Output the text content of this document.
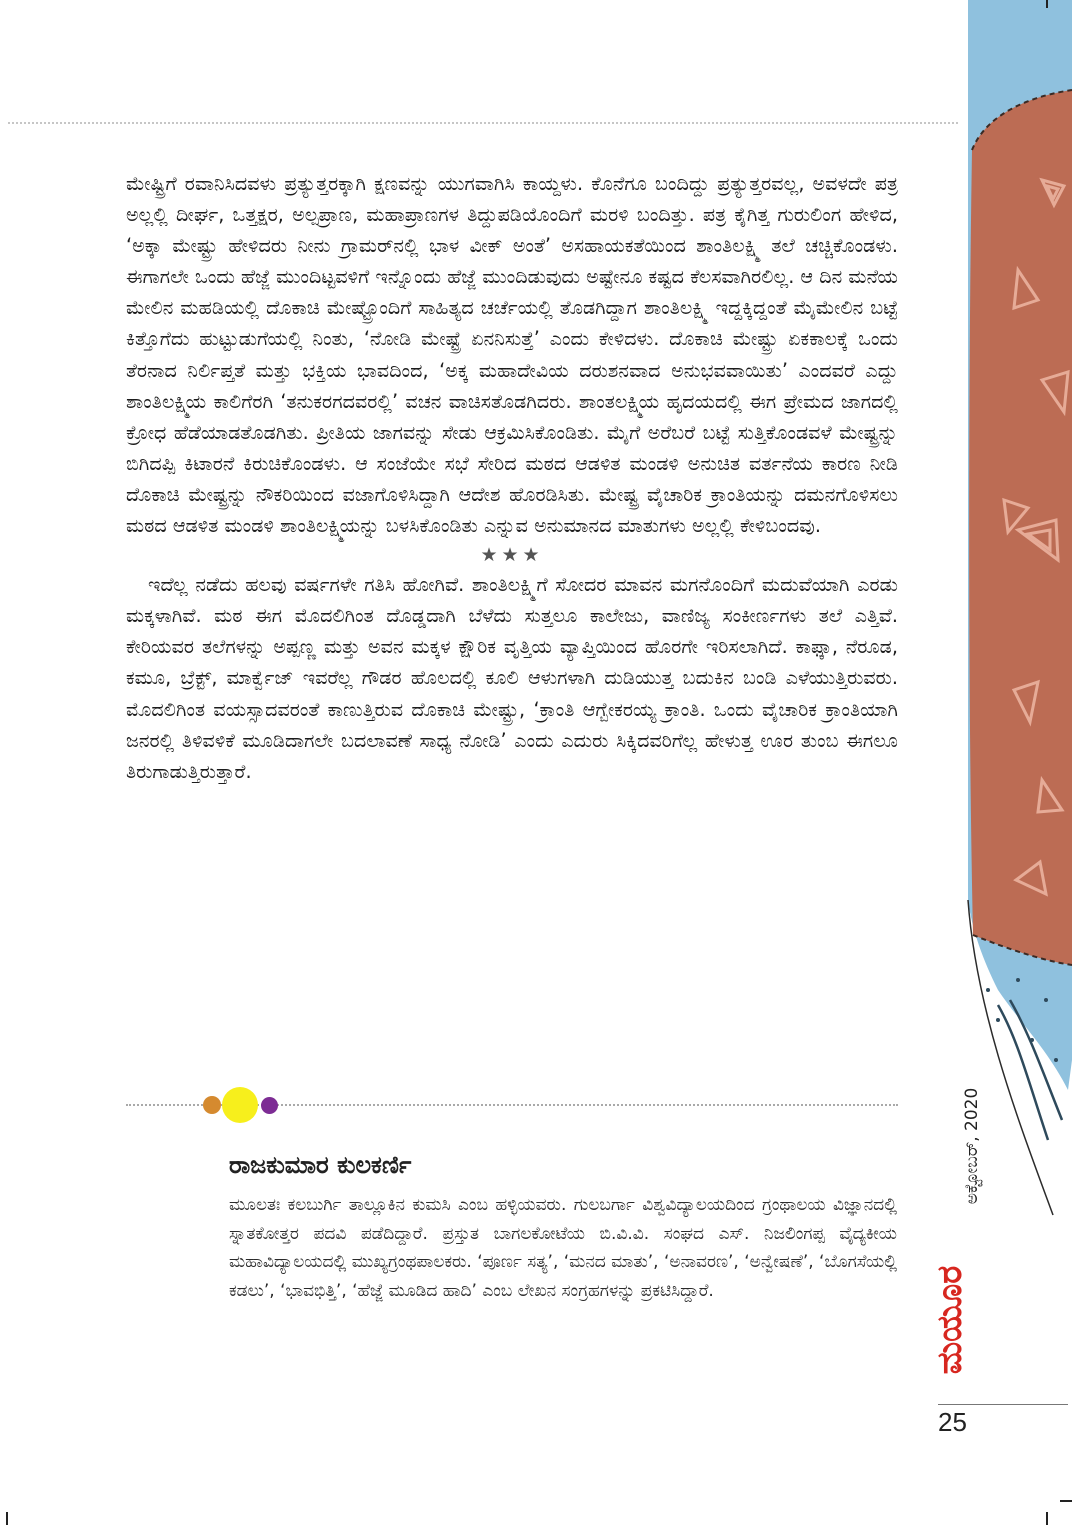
ಮೇಷ್ಟ್ರಿಗೆ ರವಾನಿಸಿದವಳು ಪ್ರತ್ಯುತ್ತರಕ್ಕಾಗಿ ಕ್ಷಣವನ್ನು ಯುಗವಾಗಿಸಿ ಕಾಯ್ದಳು. ಕೊನೆಗೂ ಬಂದಿದ್ದು ಪ್ರತ್ಯುತ್ತರವಲ್ಲ, ಅವಳದೇ ಪತ್ರ ಅಲ್ಲಲ್ಲಿ ದೀರ್ಘ, ಒತ್ತಕ್ಷರ, ಅಲ್ಪಪ್ರಾಣ, ಮಹಾಪ್ರಾಣಗಳ ತಿದ್ದುಪಡಿಯೊಂದಿಗೆ ಮರಳಿ ಬಂದಿತ್ತು. ಪತ್ರ ಕೈಗಿತ್ತ ಗುರುಲಿಂಗ ಹೇಳಿದ, ‘ಅಕ್ಕಾ ಮೇಷ್ಟ್ರು ಹೇಳಿದರು ನೀನು ಗ್ರಾಮರ್‌ನಲ್ಲಿ ಭಾಳ ವೀಕ್ ಅಂತೆ’ ಅಸಹಾಯಕತೆಯಿಂದ ಶಾಂತಿಲಕ್ಷ್ಮಿ ತಲೆ ಚಚ್ಚಿಕೊಂಡಳು. ಈಗಾಗಲೇ ಒಂದು ಹೆಜ್ಜೆ ಮುಂದಿಟ್ಟವಳಿಗೆ ಇನ್ನೊಂದು ಹೆಜ್ಜೆ ಮುಂದಿಡುವುದು ಅಷ್ಟೇನೂ ಕಷ್ಟದ ಕೆಲಸವಾಗಿರಲಿಲ್ಲ. ಆ ದಿನ ಮನೆಯ ಮೇಲಿನ ಮಹಡಿಯಲ್ಲಿ ದೊಕಾಚಿ ಮೇಷ್ಟ್ರೊಂದಿಗೆ ಸಾಹಿತ್ಯದ ಚರ್ಚೆಯಲ್ಲಿ ತೊಡಗಿದ್ದಾಗ ಶಾಂತಿಲಕ್ಷ್ಮಿ ಇದ್ದಕ್ಕಿದ್ದಂತೆ ಮೈಮೇಲಿನ ಬಟ್ಟೆ ಕಿತ್ತೊಗೆದು ಹುಟ್ಟುಡುಗೆಯಲ್ಲಿ ನಿಂತು, ‘ನೋಡಿ ಮೇಷ್ಟ್ರೆ ಏನನಿಸುತ್ತೆ’ ಎಂದು ಕೇಳಿದಳು. ದೊಕಾಚಿ ಮೇಷ್ಟ್ರು ಏಕಕಾಲಕ್ಕೆ ಒಂದು ತೆರನಾದ ನಿರ್ಲಿಪ್ತತೆ ಮತ್ತು ಭಕ್ತಿಯ ಭಾವದಿಂದ, ‘ಅಕ್ಕ ಮಹಾದೇವಿಯ ದರುಶನವಾದ ಅನುಭವವಾಯಿತು’ ಎಂದವರೆ ಎದ್ದು ಶಾಂತಿಲಕ್ಷ್ಮಿಯ ಕಾಲಿಗೆರಗಿ ‘ತನುಕರಗದವರಲ್ಲಿ’ ವಚನ ವಾಚಿಸತೊಡಗಿದರು. ಶಾಂತಲಕ್ಷ್ಮಿಯ ಹೃದಯದಲ್ಲಿ ಈಗ ಪ್ರೇಮದ ಜಾಗದಲ್ಲಿ ಕ್ರೋಧ ಹೆಡೆಯಾಡತೊಡಗಿತು. ಪ್ರೀತಿಯ ಜಾಗವನ್ನು ಸೇಡು ಆಕ್ರಮಿಸಿಕೊಂಡಿತು. ಮೈಗೆ ಅರೆಬರೆ ಬಟ್ಟೆ ಸುತ್ತಿಕೊಂಡವಳೆ ಮೇಷ್ಟ್ರನ್ನು ಬಿಗಿದಪ್ಪಿ ಕಿಟಾರನೆ ಕಿರುಚಿಕೊಂಡಳು. ಆ ಸಂಜೆಯೇ ಸಭೆ ಸೇರಿದ ಮಠದ ಆಡಳಿತ ಮಂಡಳಿ ಅನುಚಿತ ವರ್ತನೆಯ ಕಾರಣ ನೀಡಿ ದೊಕಾಚಿ ಮೇಷ್ಟ್ರನ್ನು ನೌಕರಿಯಿಂದ ವಜಾಗೊಳಿಸಿದ್ದಾಗಿ ಆದೇಶ ಹೊರಡಿಸಿತು. ಮೇಷ್ಟ್ರ ವೈಚಾರಿಕ ಕ್ರಾಂತಿಯನ್ನು ದಮನಗೊಳಿಸಲು ಮಠದ ಆಡಳಿತ ಮಂಡಳಿ ಶಾಂತಿಲಕ್ಷ್ಮಿಯನ್ನು ಬಳಸಿಕೊಂಡಿತು ಎನ್ನುವ ಅನುಮಾನದ ಮಾತುಗಳು ಅಲ್ಲಲ್ಲಿ ಕೇಳಿಬಂದವು.

★★★

ಇದೆಲ್ಲ ನಡೆದು ಹಲವು ವರ್ಷಗಳೇ ಗತಿಸಿ ಹೋಗಿವೆ. ಶಾಂತಿಲಕ್ಷ್ಮಿಗೆ ಸೋದರ ಮಾವನ ಮಗನೊಂದಿಗೆ ಮದುವೆಯಾಗಿ ಎರಡು ಮಕ್ಕಳಾಗಿವೆ. ಮಠ ಈಗ ಮೊದಲಿಗಿಂತ ದೊಡ್ಡದಾಗಿ ಬೆಳೆದು ಸುತ್ತಲೂ ಕಾಲೇಜು, ವಾಣಿಜ್ಯ ಸಂಕೀರ್ಣಗಳು ತಲೆ ಎತ್ತಿವೆ. ಕೇರಿಯವರ ತಲೆಗಳನ್ನು ಅಪ್ಪಣ್ಣ ಮತ್ತು ಅವನ ಮಕ್ಕಳ ಕ್ಷೌರಿಕ ವೃತ್ತಿಯ ವ್ಯಾಪ್ತಿಯಿಂದ ಹೊರಗೇ ಇರಿಸಲಾಗಿದೆ. ಕಾಫ್ಕಾ, ನೆರೂಡ, ಕಮೂ, ಬ್ರೆಕ್ಟ್, ಮಾರ್ಕ್ವೆಜ್ ಇವರೆಲ್ಲ ಗೌಡರ ಹೊಲದಲ್ಲಿ ಕೂಲಿ ಆಳುಗಳಾಗಿ ದುಡಿಯುತ್ತ ಬದುಕಿನ ಬಂಡಿ ಎಳೆಯುತ್ತಿರುವರು. ಮೊದಲಿಗಿಂತ ವಯಸ್ಸಾದವರಂತೆ ಕಾಣುತ್ತಿರುವ ದೊಕಾಚಿ ಮೇಷ್ಟ್ರು, ‘ಕ್ರಾಂತಿ ಆಗ್ಬೇಕರಯ್ಯ ಕ್ರಾಂತಿ. ಒಂದು ವೈಚಾರಿಕ ಕ್ರಾಂತಿಯಾಗಿ ಜನರಲ್ಲಿ ತಿಳಿವಳಿಕೆ ಮೂಡಿದಾಗಲೇ ಬದಲಾವಣೆ ಸಾಧ್ಯ ನೋಡಿ’ ಎಂದು ಎದುರು ಸಿಕ್ಕಿದವರಿಗೆಲ್ಲ ಹೇಳುತ್ತ ಊರ ತುಂಬ ಈಗಲೂ ತಿರುಗಾಡುತ್ತಿರುತ್ತಾರೆ.

ರಾಜಕುಮಾರ ಕುಲಕರ್ಣಿ

ಮೂಲತಃ ಕಲಬುರ್ಗಿ ತಾಲ್ಲೂಕಿನ ಕುಮಸಿ ಎಂಬ ಹಳ್ಳಿಯವರು. ಗುಲಬರ್ಗಾ ವಿಶ್ವವಿದ್ಯಾಲಯದಿಂದ ಗ್ರಂಥಾಲಯ ವಿಜ್ಞಾನದಲ್ಲಿ ಸ್ನಾತಕೋತ್ತರ ಪದವಿ ಪಡೆದಿದ್ದಾರೆ. ಪ್ರಸ್ತುತ ಬಾಗಲಕೋಟೆಯ ಬಿ.ವಿ.ವಿ. ಸಂಘದ ಎಸ್. ನಿಜಲಿಂಗಪ್ಪ ವೈದ್ಯಕೀಯ ಮಹಾವಿದ್ಯಾಲಯದಲ್ಲಿ ಮುಖ್ಯಗ್ರಂಥಪಾಲಕರು. ‘ಪೂರ್ಣ ಸತ್ಯ’, ‘ಮನದ ಮಾತು’, ‘ಅನಾವರಣ’, ‘ಅನ್ವೇಷಣೆ’, ‘ಬೊಗಸೆಯಲ್ಲಿ ಕಡಲು’, ‘ಭಾವಭಿತ್ತಿ’, ‘ಹೆಜ್ಜೆ ಮೂಡಿದ ಹಾದಿ’ ಎಂಬ ಲೇಖನ ಸಂಗ್ರಹಗಳನ್ನು ಪ್ರಕಟಿಸಿದ್ದಾರೆ.

ಅಕ್ಟೋಬರ್, 2020
ಮಯೂರ
25
